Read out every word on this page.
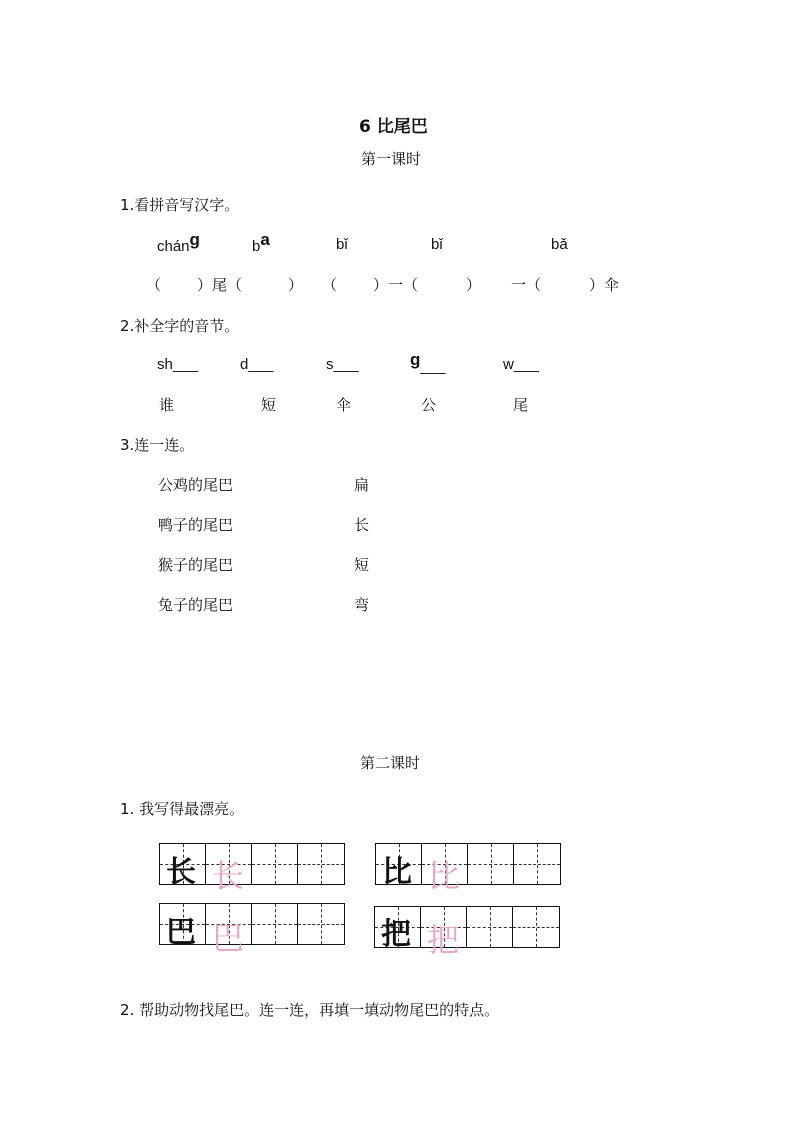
6 比尾巴
第一课时
1.看拼音写汉字。
cháng	ba	bǐ	bǐ	bǎ
（ ）尾（	） （ ）一（	） 一（	）伞
2.补全字的音节。
sh___	d___	s___	g___	w___
谁	短	伞	公	尾
3.连一连。
公鸡的尾巴
鸭子的尾巴
猴子的尾巴
兔子的尾巴
扁
长
短
弯
第二课时
1. 我写得最漂亮。
长 长	比 比
巴 巴	把 把
2. 帮助动物找尾巴。连一连，再填一填动物尾巴的特点。
